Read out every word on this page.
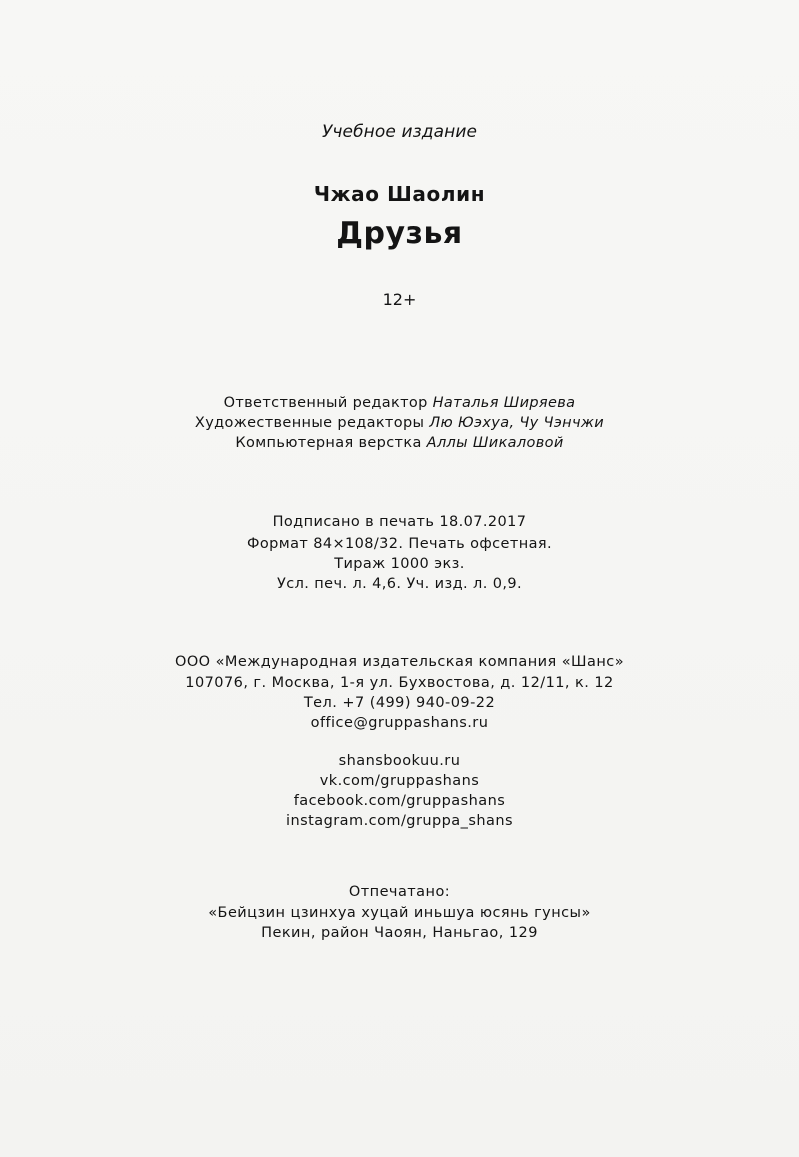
Учебное издание
Чжао Шаолин
Друзья
12+
Ответственный редактор Наталья Ширяева
Художественные редакторы Лю Юэхуа, Чу Чэнчжи
Компьютерная верстка Аллы Шикаловой
Подписано в печать 18.07.2017
Формат 84×108/32. Печать офсетная.
Тираж 1000 экз.
Усл. печ. л. 4,6. Уч. изд. л. 0,9.
ООО «Международная издательская компания «Шанс»
107076, г. Москва, 1-я ул. Бухвостова, д. 12/11, к. 12
Тел. +7 (499) 940-09-22
office@gruppashans.ru
shansbookuu.ru
vk.com/gruppashans
facebook.com/gruppashans
instagram.com/gruppa_shans
Отпечатано:
«Бейцзин цзинхуа хуцай иньшуа юсянь гунсы»
Пекин, район Чаоян, Наньгао, 129
